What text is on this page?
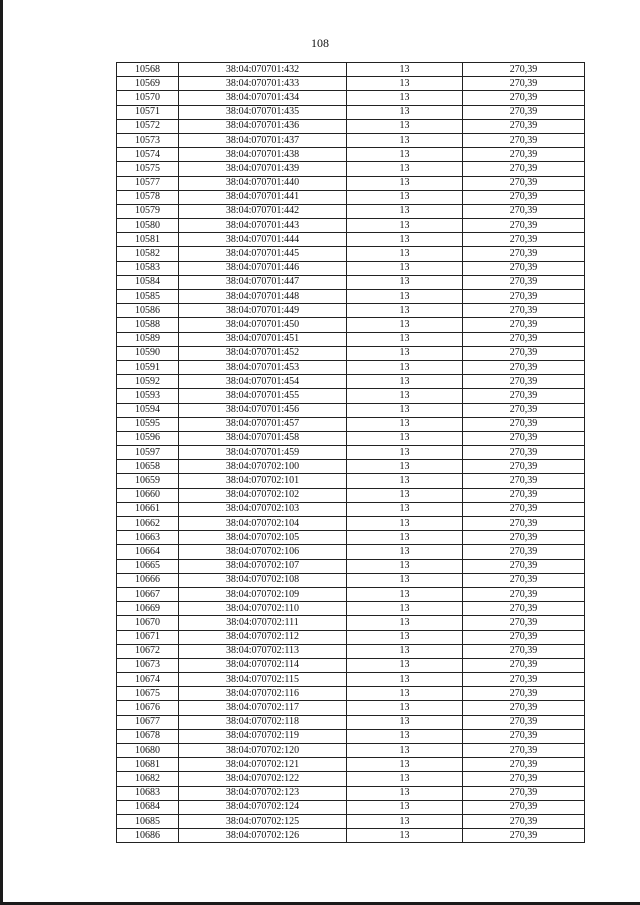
108
10568	38:04:070701:432	13	270,39
10569	38:04:070701:433	13	270,39
10570	38:04:070701:434	13	270,39
10571	38:04:070701:435	13	270,39
10572	38:04:070701:436	13	270,39
10573	38:04:070701:437	13	270,39
10574	38:04:070701:438	13	270,39
10575	38:04:070701:439	13	270,39
10577	38:04:070701:440	13	270,39
10578	38:04:070701:441	13	270,39
10579	38:04:070701:442	13	270,39
10580	38:04:070701:443	13	270,39
10581	38:04:070701:444	13	270,39
10582	38:04:070701:445	13	270,39
10583	38:04:070701:446	13	270,39
10584	38:04:070701:447	13	270,39
10585	38:04:070701:448	13	270,39
10586	38:04:070701:449	13	270,39
10588	38:04:070701:450	13	270,39
10589	38:04:070701:451	13	270,39
10590	38:04:070701:452	13	270,39
10591	38:04:070701:453	13	270,39
10592	38:04:070701:454	13	270,39
10593	38:04:070701:455	13	270,39
10594	38:04:070701:456	13	270,39
10595	38:04:070701:457	13	270,39
10596	38:04:070701:458	13	270,39
10597	38:04:070701:459	13	270,39
10658	38:04:070702:100	13	270,39
10659	38:04:070702:101	13	270,39
10660	38:04:070702:102	13	270,39
10661	38:04:070702:103	13	270,39
10662	38:04:070702:104	13	270,39
10663	38:04:070702:105	13	270,39
10664	38:04:070702:106	13	270,39
10665	38:04:070702:107	13	270,39
10666	38:04:070702:108	13	270,39
10667	38:04:070702:109	13	270,39
10669	38:04:070702:110	13	270,39
10670	38:04:070702:111	13	270,39
10671	38:04:070702:112	13	270,39
10672	38:04:070702:113	13	270,39
10673	38:04:070702:114	13	270,39
10674	38:04:070702:115	13	270,39
10675	38:04:070702:116	13	270,39
10676	38:04:070702:117	13	270,39
10677	38:04:070702:118	13	270,39
10678	38:04:070702:119	13	270,39
10680	38:04:070702:120	13	270,39
10681	38:04:070702:121	13	270,39
10682	38:04:070702:122	13	270,39
10683	38:04:070702:123	13	270,39
10684	38:04:070702:124	13	270,39
10685	38:04:070702:125	13	270,39
10686	38:04:070702:126	13	270,39
